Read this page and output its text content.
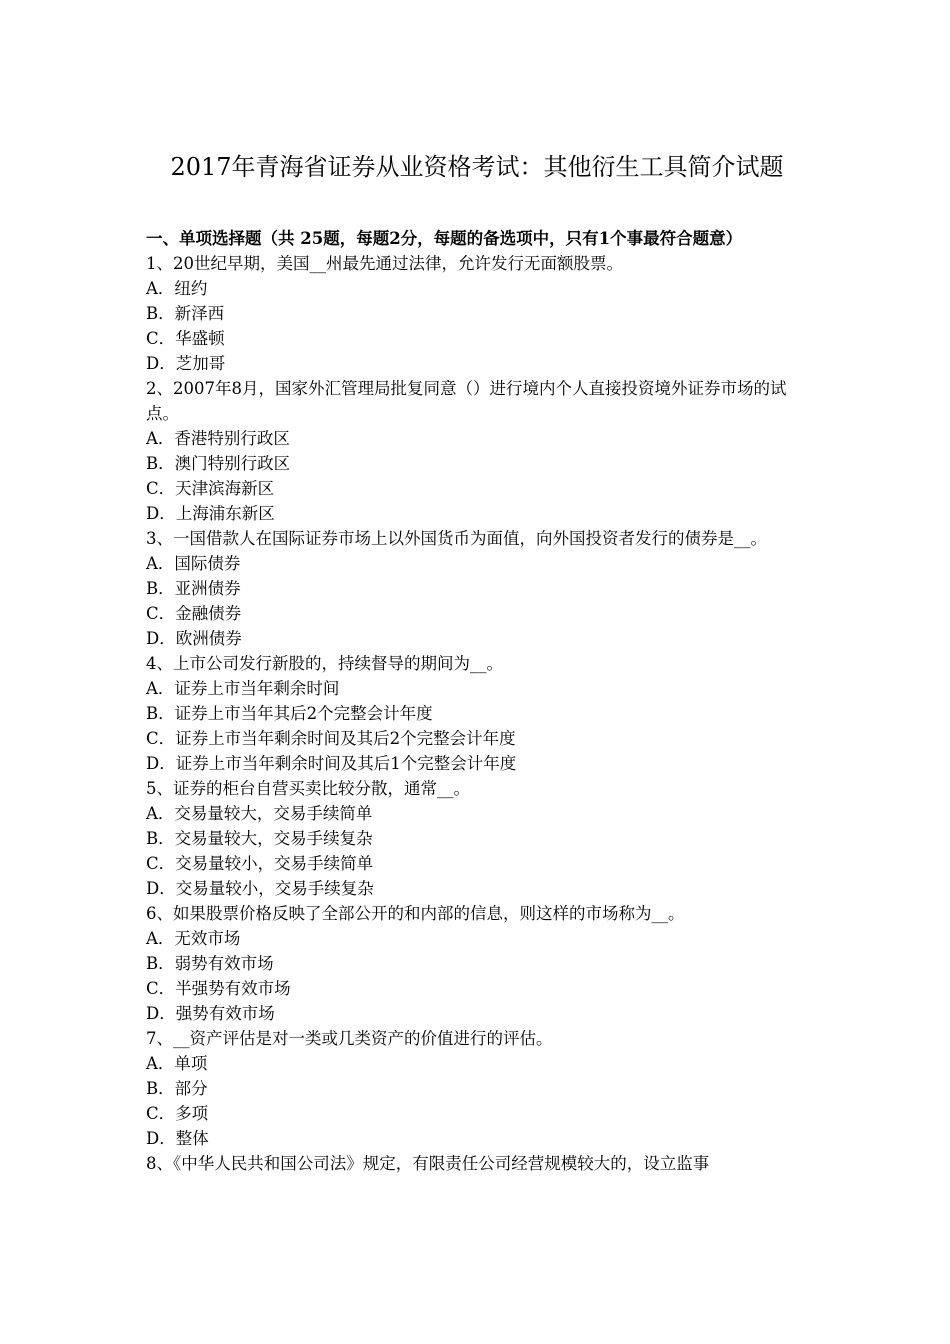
2017年青海省证券从业资格考试：其他衍生工具简介试题

一、单项选择题（共 25题，每题2分，每题的备选项中，只有1个事最符合题意）

1、20世纪早期，美国__州最先通过法律，允许发行无面额股票。

A．纽约

B．新泽西

C．华盛顿

D．芝加哥

2、2007年8月，国家外汇管理局批复同意（）进行境内个人直接投资境外证券市场的试点。

A．香港特别行政区

B．澳门特别行政区

C．天津滨海新区

D．上海浦东新区

3、一国借款人在国际证券市场上以外国货币为面值，向外国投资者发行的债券是__。

A．国际债券

B．亚洲债券

C．金融债券

D．欧洲债券

4、上市公司发行新股的，持续督导的期间为__。

A．证券上市当年剩余时间

B．证券上市当年其后2个完整会计年度

C．证券上市当年剩余时间及其后2个完整会计年度

D．证券上市当年剩余时间及其后1个完整会计年度

5、证券的柜台自营买卖比较分散，通常__。

A．交易量较大，交易手续简单

B．交易量较大，交易手续复杂

C．交易量较小，交易手续简单

D．交易量较小，交易手续复杂

6、如果股票价格反映了全部公开的和内部的信息，则这样的市场称为__。

A．无效市场

B．弱势有效市场

C．半强势有效市场

D．强势有效市场

7、__资产评估是对一类或几类资产的价值进行的评估。

A．单项

B．部分

C．多项

D．整体

8、《中华人民共和国公司法》规定，有限责任公司经营规模较大的，设立监事
